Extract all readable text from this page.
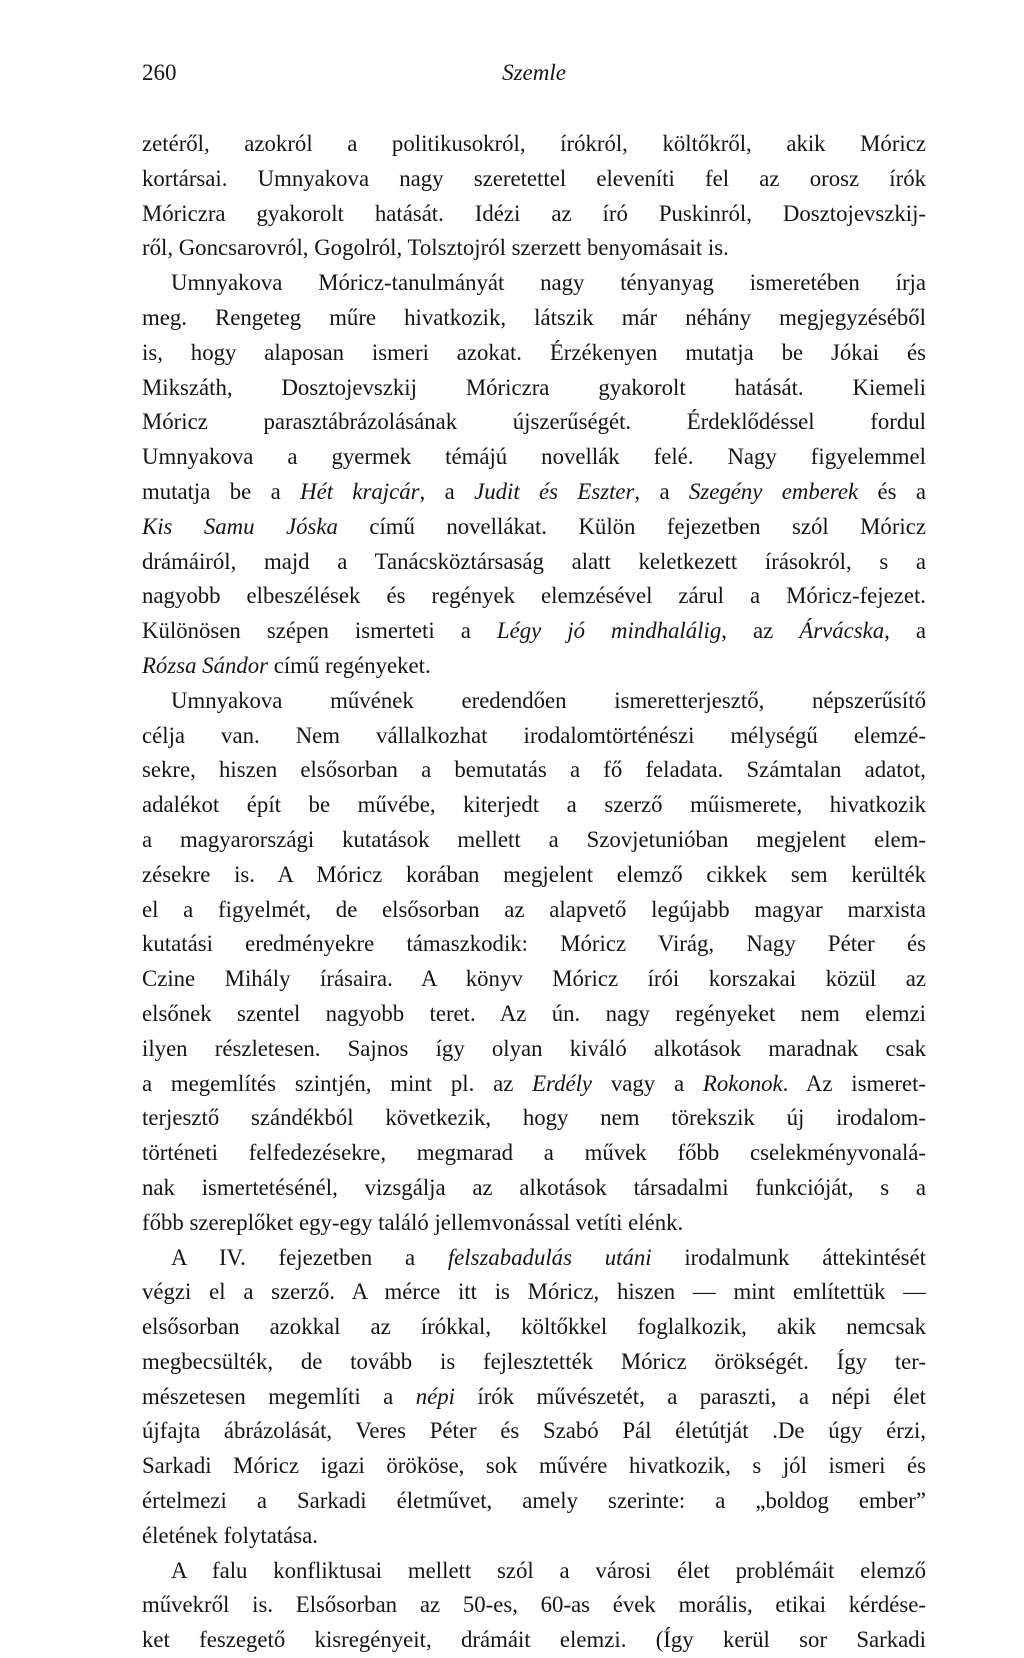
260	Szemle

zetéről, azokról a politikusokról, írókról, költőkről, akik Móricz
kortársai. Umnyakova nagy szeretettel eleveníti fel az orosz írók
Móriczra gyakorolt hatását. Idézi az író Puskinról, Dosztojevszkij-
ről, Goncsarovról, Gogolról, Tolsztojról szerzett benyomásait is.

Umnyakova Móricz-tanulmányát nagy tényanyag ismeretében írja
meg. Rengeteg műre hivatkozik, látszik már néhány megjegyzéséből
is, hogy alaposan ismeri azokat. Érzékenyen mutatja be Jókai és
Mikszáth, Dosztojevszkij Móriczra gyakorolt hatását. Kiemeli
Móricz parasztábrázolásának újszerűségét. Érdeklődéssel fordul
Umnyakova a gyermek témájú novellák felé. Nagy figyelemmel
mutatja be a Hét krajcár, a Judit és Eszter, a Szegény emberek és a
Kis Samu Jóska című novellákat. Külön fejezetben szól Móricz
drámáiról, majd a Tanácsköztársaság alatt keletkezett írásokról, s a
nagyobb elbeszélések és regények elemzésével zárul a Móricz-fejezet.
Különösen szépen ismerteti a Légy jó mindhalálig, az Árvácska, a
Rózsa Sándor című regényeket.

Umnyakova művének eredendően ismeretterjesztő, népszerűsítő
célja van. Nem vállalkozhat irodalomtörténészi mélységű elemzé-
sekre, hiszen elsősorban a bemutatás a fő feladata. Számtalan adatot,
adalékot épít be művébe, kiterjedt a szerző műismerete, hivatkozik
a magyarországi kutatások mellett a Szovjetunióban megjelent elem-
zésekre is. A Móricz korában megjelent elemző cikkek sem kerülték
el a figyelmét, de elsősorban az alapvető legújabb magyar marxista
kutatási eredményekre támaszkodik: Móricz Virág, Nagy Péter és
Czine Mihály írásaira. A könyv Móricz írói korszakai közül az
elsőnek szentel nagyobb teret. Az ún. nagy regényeket nem elemzi
ilyen részletesen. Sajnos így olyan kiváló alkotások maradnak csak
a megemlítés szintjén, mint pl. az Erdély vagy a Rokonok. Az ismeret-
terjesztő szándékból következik, hogy nem törekszik új irodalom-
történeti felfedezésekre, megmarad a művek főbb cselekményvonalá-
nak ismertetésénél, vizsgálja az alkotások társadalmi funkcióját, s a
főbb szereplőket egy-egy találó jellemvonással vetíti elénk.

A IV. fejezetben a felszabadulás utáni irodalmunk áttekintését
végzi el a szerző. A mérce itt is Móricz, hiszen — mint említettük —
elsősorban azokkal az írókkal, költőkkel foglalkozik, akik nemcsak
megbecsülték, de tovább is fejlesztették Móricz örökségét. Így ter-
mészetesen megemlíti a népi írók művészetét, a paraszti, a népi élet
újfajta ábrázolását, Veres Péter és Szabó Pál életútját .De úgy érzi,
Sarkadi Móricz igazi örököse, sok művére hivatkozik, s jól ismeri és
értelmezi a Sarkadi életművet, amely szerinte: a „boldog ember”
életének folytatása.

A falu konfliktusai mellett szól a városi élet problémáit elemző
művekről is. Elsősorban az 50-es, 60-as évek morális, etikai kérdése-
ket feszegető kisregényeit, drámáit elemzi. (Így kerül sor Sarkadi
